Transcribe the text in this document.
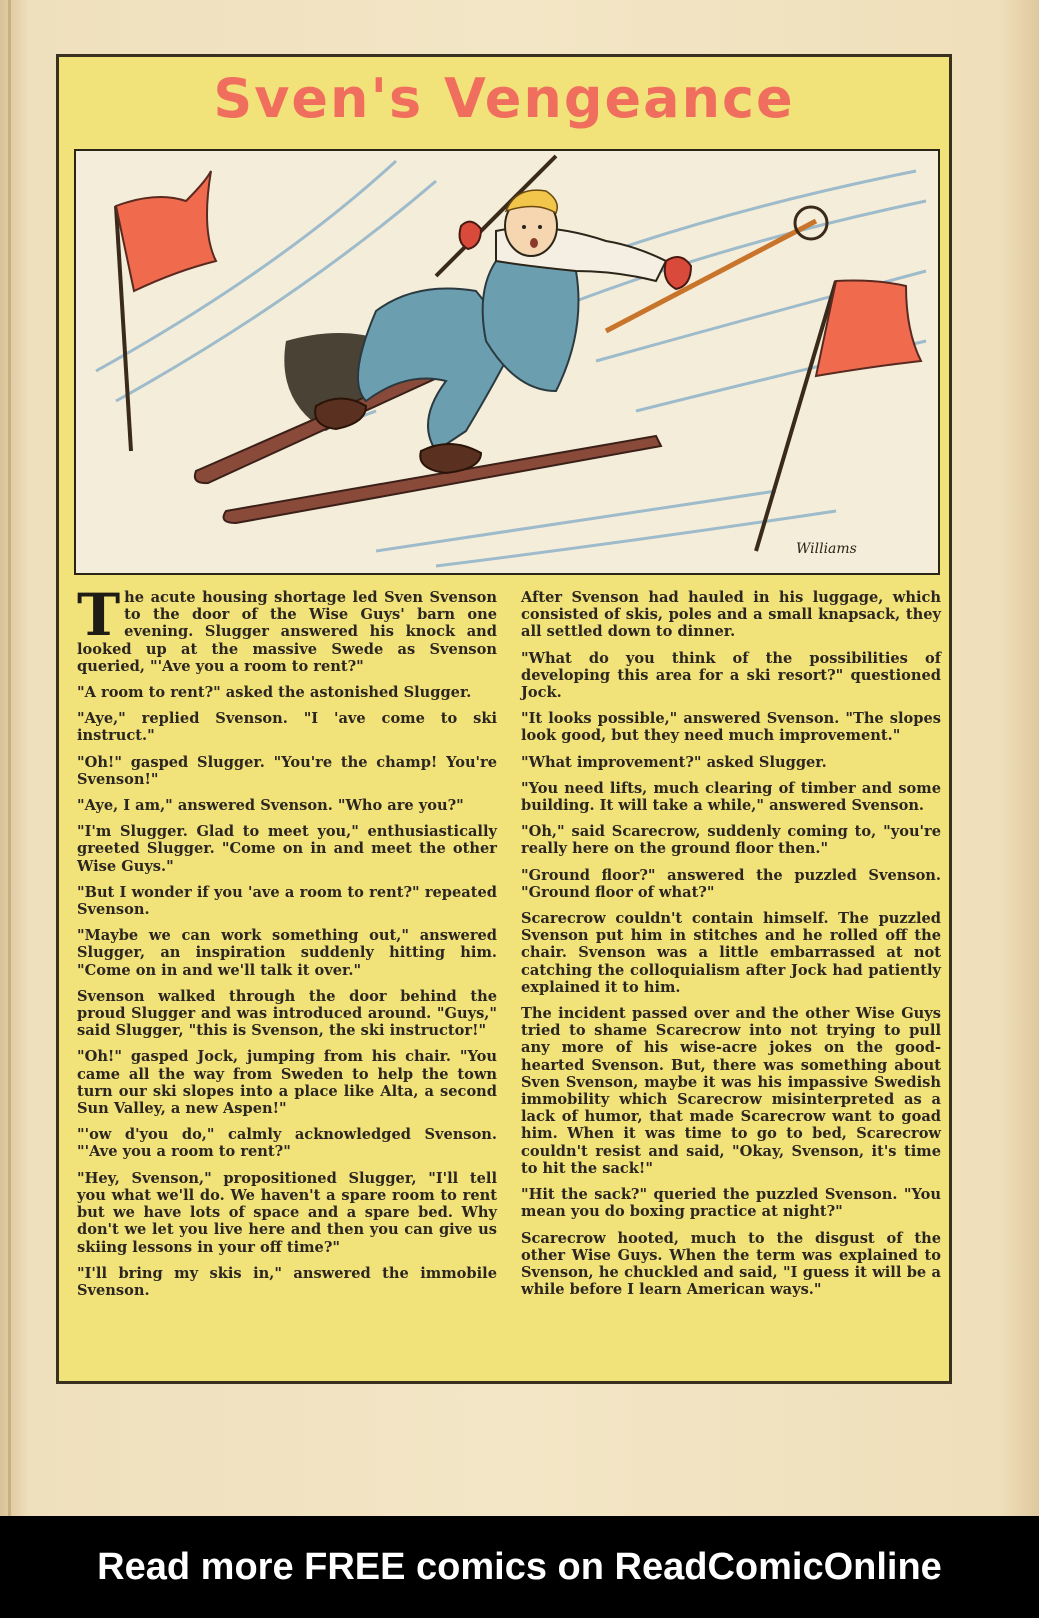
Sven's Vengeance
Williams

The acute housing shortage led Sven Svenson to the door of the Wise Guys' barn one evening. Slugger answered his knock and looked up at the massive Swede as Svenson queried, "'Ave you a room to rent?"

"A room to rent?" asked the astonished Slugger.

"Aye," replied Svenson. "I 'ave come to ski instruct."

"Oh!" gasped Slugger. "You're the champ! You're Svenson!"

"Aye, I am," answered Svenson. "Who are you?"

"I'm Slugger. Glad to meet you," enthusiastically greeted Slugger. "Come on in and meet the other Wise Guys."

"But I wonder if you 'ave a room to rent?" repeated Svenson.

"Maybe we can work something out," answered Slugger, an inspiration suddenly hitting him. "Come on in and we'll talk it over."

Svenson walked through the door behind the proud Slugger and was introduced around. "Guys," said Slugger, "this is Svenson, the ski instructor!"

"Oh!" gasped Jock, jumping from his chair. "You came all the way from Sweden to help the town turn our ski slopes into a place like Alta, a second Sun Valley, a new Aspen!"

"'ow d'you do," calmly acknowledged Svenson. "'Ave you a room to rent?"

"Hey, Svenson," propositioned Slugger, "I'll tell you what we'll do. We haven't a spare room to rent but we have lots of space and a spare bed. Why don't we let you live here and then you can give us skiing lessons in your off time?"

"I'll bring my skis in," answered the immobile Svenson.

After Svenson had hauled in his luggage, which consisted of skis, poles and a small knapsack, they all settled down to dinner.

"What do you think of the possibilities of developing this area for a ski resort?" questioned Jock.

"It looks possible," answered Svenson. "The slopes look good, but they need much improvement."

"What improvement?" asked Slugger.

"You need lifts, much clearing of timber and some building. It will take a while," answered Svenson.

"Oh," said Scarecrow, suddenly coming to, "you're really here on the ground floor then."

"Ground floor?" answered the puzzled Svenson. "Ground floor of what?"

Scarecrow couldn't contain himself. The puzzled Svenson put him in stitches and he rolled off the chair. Svenson was a little embarrassed at not catching the colloquialism after Jock had patiently explained it to him.

The incident passed over and the other Wise Guys tried to shame Scarecrow into not trying to pull any more of his wise-acre jokes on the good-hearted Svenson. But, there was something about Sven Svenson, maybe it was his impassive Swedish immobility which Scarecrow misinterpreted as a lack of humor, that made Scarecrow want to goad him. When it was time to go to bed, Scarecrow couldn't resist and said, "Okay, Svenson, it's time to hit the sack!"

"Hit the sack?" queried the puzzled Svenson. "You mean you do boxing practice at night?"

Scarecrow hooted, much to the disgust of the other Wise Guys. When the term was explained to Svenson, he chuckled and said, "I guess it will be a while before I learn American ways."

Read more FREE comics on ReadComicOnline
